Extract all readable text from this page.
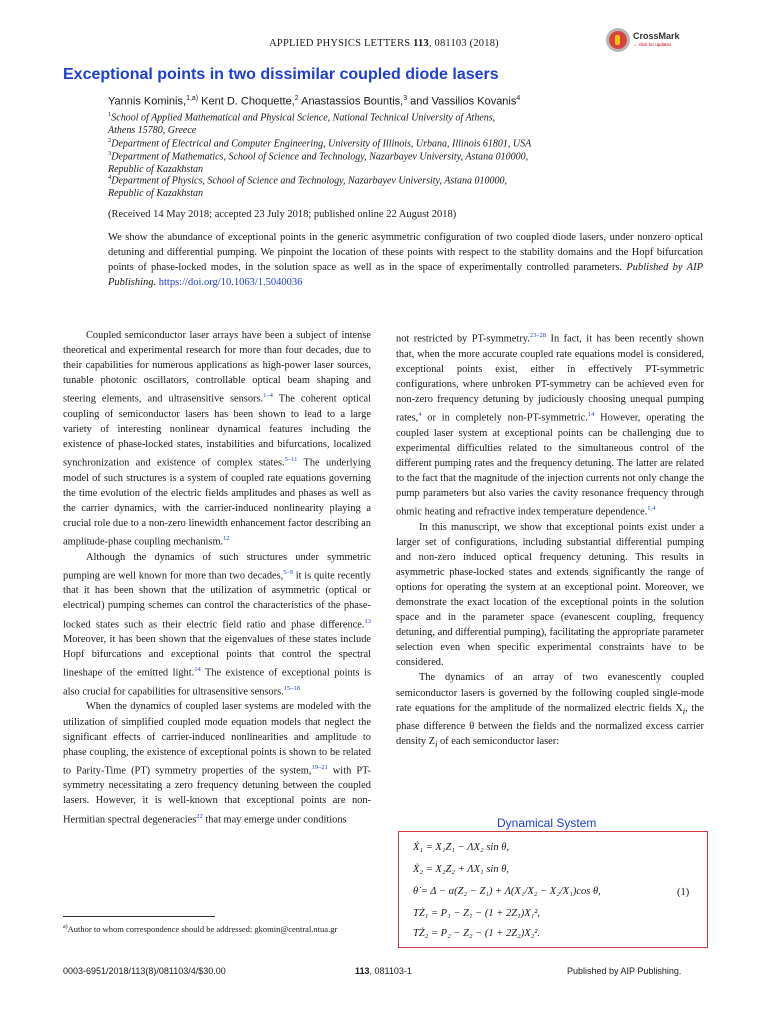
APPLIED PHYSICS LETTERS 113, 081103 (2018)
CrossMark
← click for updates
Exceptional points in two dissimilar coupled diode lasers
Yannis Kominis,$^{1,a)}$ Kent D. Choquette,$^2$ Anastassios Bountis,$^3$ and Vassilios Kovanis$^4$
$^1$School of Applied Mathematical and Physical Science, National Technical University of Athens,
Athens 15780, Greece
$^2$Department of Electrical and Computer Engineering, University of Illinois, Urbana, Illinois 61801, USA
$^3$Department of Mathematics, School of Science and Technology, Nazarbayev University, Astana 010000,
Republic of Kazakhstan
$^4$Department of Physics, School of Science and Technology, Nazarbayev University, Astana 010000,
Republic of Kazakhstan
(Received 14 May 2018; accepted 23 July 2018; published online 22 August 2018)
We show the abundance of exceptional points in the generic asymmetric configuration of two coupled diode lasers, under nonzero optical detuning and differential pumping. We pinpoint the location of these points with respect to the stability domains and the Hopf bifurcation points of phase-locked modes, in the solution space as well as in the space of experimentally controlled parameters. Published by AIP Publishing. https://doi.org/10.1063/1.5040036

Coupled semiconductor laser arrays have been a subject of intense theoretical and experimental research for more than four decades, due to their capabilities for numerous applications as high-power laser sources, tunable photonic oscillators, controllable optical beam shaping and steering elements, and ultrasensitive sensors.$^{1-4}$ The coherent optical coupling of semiconductor lasers has been shown to lead to a large variety of interesting nonlinear dynamical features including the existence of phase-locked states, instabilities and bifurcations, localized synchronization and existence of complex states.$^{5-11}$ The underlying model of such structures is a system of coupled rate equations governing the time evolution of the electric fields amplitudes and phases as well as the carrier dynamics, with the carrier-induced nonlinearity playing a crucial role due to a non-zero linewidth enhancement factor describing an amplitude-phase coupling mechanism.$^{12}$

Although the dynamics of such structures under symmetric pumping are well known for more than two decades,$^{5-9}$ it is quite recently that it has been shown that the utilization of asymmetric (optical or electrical) pumping schemes can control the characteristics of the phase-locked states such as their electric field ratio and phase difference.$^{13}$ Moreover, it has been shown that the eigenvalues of these states include Hopf bifurcations and exceptional points that control the spectral lineshape of the emitted light.$^{14}$ The existence of exceptional points is also crucial for capabilities for ultrasensitive sensors.$^{15-18}$

When the dynamics of coupled laser systems are modeled with the utilization of simplified coupled mode equation models that neglect the significant effects of carrier-induced nonlinearities and amplitude to phase coupling, the existence of exceptional points is shown to be related to Parity-Time (PT) symmetry properties of the system,$^{19-21}$ with PT-symmetry necessitating a zero frequency detuning between the coupled lasers. However, it is well-known that exceptional points are non-Hermitian spectral degeneracies$^{22}$ that may emerge under conditions

not restricted by PT-symmetry.$^{23-28}$ In fact, it has been recently shown that, when the more accurate coupled rate equations model is considered, exceptional points exist, either in effectively PT-symmetric configurations, where unbroken PT-symmetry can be achieved even for non-zero frequency detuning by judiciously choosing unequal pumping rates,$^4$ or in completely non-PT-symmetric.$^{14}$ However, operating the coupled laser system at exceptional points can be challenging due to experimental difficulties related to the simultaneous control of the different pumping rates and the frequency detuning. The latter are related to the fact that the magnitude of the injection currents not only change the pump parameters but also varies the cavity resonance frequency through ohmic heating and refractive index temperature dependence.$^{1,4}$

In this manuscript, we show that exceptional points exist under a larger set of configurations, including substantial differential pumping and non-zero induced optical frequency detuning. This results in asymmetric phase-locked states and extends significantly the range of options for operating the system at an exceptional point. Moreover, we demonstrate the exact location of the exceptional points in the solution space and in the parameter space (evanescent coupling, frequency detuning, and differential pumping), facilitating the appropriate parameter selection even when specific experimental constraints have to be considered.

The dynamics of an array of two evanescently coupled semiconductor lasers is governed by the following coupled single-mode rate equations for the amplitude of the normalized electric fields $X_i$, the phase difference θ between the fields and the normalized excess carrier density $Z_i$ of each semiconductor laser:

Dynamical System
Ẋ₁ = X₁Z₁ − ΛX₂ sin θ,
Ẋ₂ = X₂Z₂ + ΛX₁ sin θ,
θ̇ = Δ − α(Z₂ − Z₁) + Λ(X₁/X₂ − X₂/X₁)cos θ,
TŻ₁ = P₁ − Z₁ − (1 + 2Z₁)X₁²,
TŻ₂ = P₂ − Z₂ − (1 + 2Z₂)X₂².
(1)
$^{a)}$Author to whom correspondence should be addressed: gkomin@central.ntua.gr
0003-6951/2018/113(8)/081103/4/$30.00	113, 081103-1	Published by AIP Publishing.
